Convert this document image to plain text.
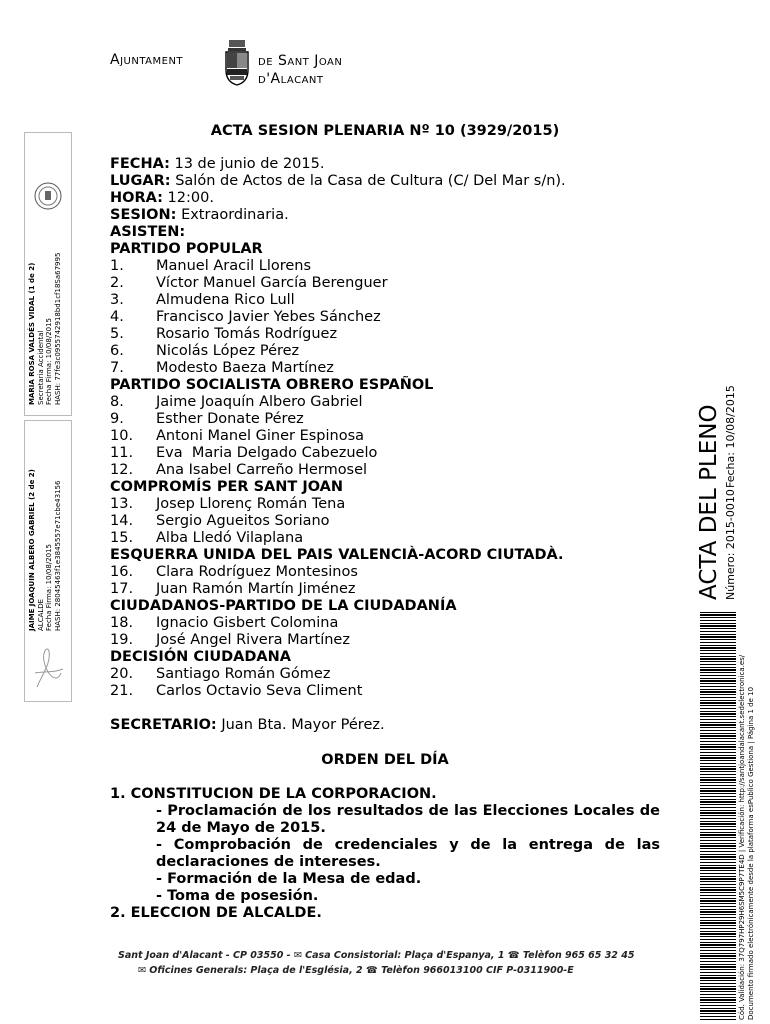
Ajuntament	de Sant Joan
d'Alacant
MARIA ROSA VALDÉS VIDAL (1 de 2) Secretaria Accidental Fecha Firma: 10/08/2015 HASH: 77fe3c0955742918bd1cf18Sa67995
JAIME JOAQUIN ALBERO GABRIEL (2 de 2) ALCALDE Fecha Firma: 10/08/2015 HASH: 28045463f1e3845557e71cbe43156
ACTA SESION PLENARIA Nº 10 (3929/2015)
FECHA: 13 de junio de 2015.
LUGAR: Salón de Actos de la Casa de Cultura (C/ Del Mar s/n).
HORA: 12:00.
SESION: Extraordinaria.
ASISTEN:
PARTIDO POPULAR
1. Manuel Aracil Llorens
2. Víctor Manuel García Berenguer
3. Almudena Rico Lull
4. Francisco Javier Yebes Sánchez
5. Rosario Tomás Rodríguez
6. Nicolás López Pérez
7. Modesto Baeza Martínez
PARTIDO SOCIALISTA OBRERO ESPAÑOL
8. Jaime Joaquín Albero Gabriel
9. Esther Donate Pérez
10. Antoni Manel Giner Espinosa
11. Eva  Maria Delgado Cabezuelo
12. Ana Isabel Carreño Hermosel
COMPROMÍS PER SANT JOAN
13. Josep Llorenç Román Tena
14. Sergio Agueitos Soriano
15. Alba Lledó Vilaplana
ESQUERRA UNIDA DEL PAIS VALENCIÀ-ACORD CIUTADÀ.
16. Clara Rodríguez Montesinos
17. Juan Ramón Martín Jiménez
CIUDADANOS-PARTIDO DE LA CIUDADANÍA
18. Ignacio Gisbert Colomina
19. José Angel Rivera Martínez
DECISIÓN CIUDADANA
20. Santiago Román Gómez
21. Carlos Octavio Seva Climent
SECRETARIO: Juan Bta. Mayor Pérez.
ORDEN DEL DÍA
1. CONSTITUCION DE LA CORPORACION.
- Proclamación de los resultados de las Elecciones Locales de 24 de Mayo de 2015.
- Comprobación de credenciales y de la entrega de las declaraciones de intereses.
- Formación de la Mesa de edad.
- Toma de posesión.
2. ELECCION DE ALCALDE.
Sant Joan d'Alacant - CP 03550 - ✉ Casa Consistorial: Plaça d'Espanya, 1 ☎ Telèfon 965 65 32 45
✉ Oficines Generals: Plaça de l'Església, 2 ☎ Telèfon 966013100 CIF P-0311900-E
ACTA DEL PLENO Número: 2015-0010
Fecha: 10/08/2015
Cód. Validación: 37Q797HP29H6SM5C9P7TE4D | Verificación: http://santjoandalacant.sedelectronica.es/ Documento firmado electrónicamente desde la plataforma esPublico Gestiona | Página 1 de 10
